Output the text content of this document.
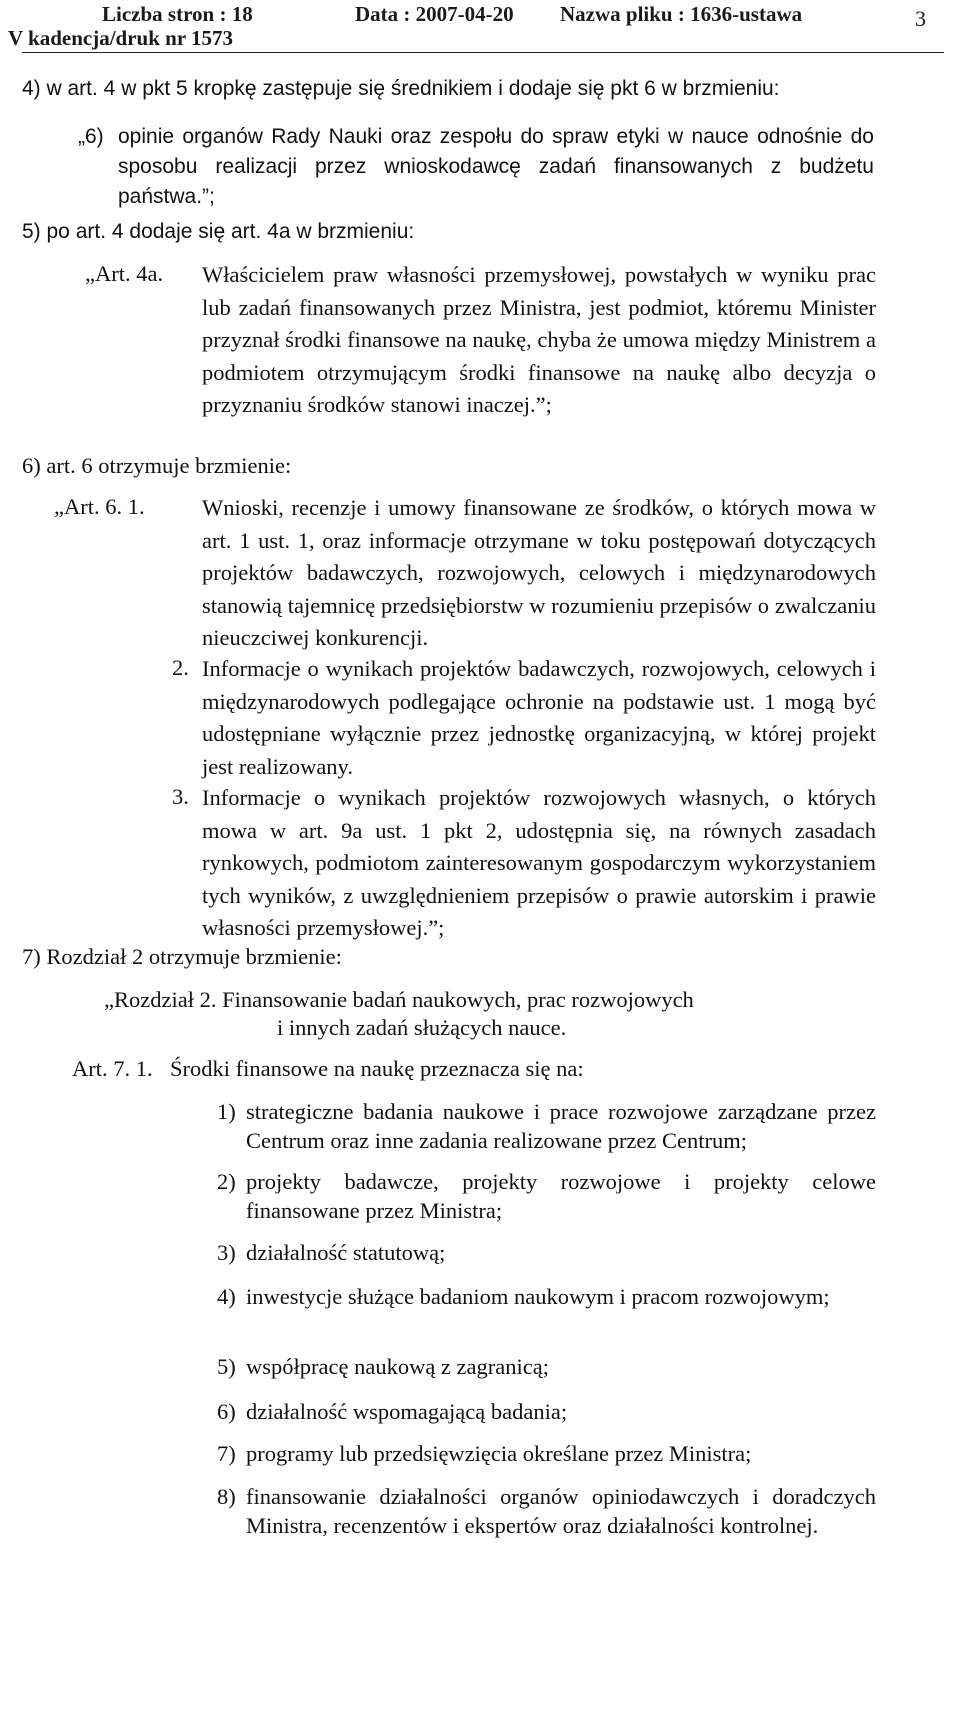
Liczba stron : 18	Data : 2007-04-20 Nazwa pliku : 1636-ustawa	3
V kadencja/druk nr 1573
4) w art. 4 w pkt 5 kropkę zastępuje się średnikiem i dodaje się pkt 6 w brzmieniu:
„6) opinie organów Rady Nauki oraz zespołu do spraw etyki w nauce odnośnie do sposobu realizacji przez wnioskodawcę zadań finansowanych z budżetu państwa.”;
5) po art. 4 dodaje się art. 4a w brzmieniu:
„Art. 4a. Właścicielem praw własności przemysłowej, powstałych w wyniku prac lub zadań finansowanych przez Ministra, jest podmiot, któremu Minister przyznał środki finansowe na naukę, chyba że umowa między Ministrem a podmiotem otrzymującym środki finansowe na naukę albo decyzja o przyznaniu środków stanowi inaczej.”;
6) art. 6 otrzymuje brzmienie:
„Art. 6. 1.	Wnioski, recenzje i umowy finansowane ze środków, o których mowa w art. 1 ust. 1, oraz informacje otrzymane w toku postępowań dotyczących projektów badawczych, rozwojowych, celowych i międzynarodowych stanowią tajemnicę przedsiębiorstw w rozumieniu przepisów o zwalczaniu nieuczciwej konkurencji.
2. Informacje o wynikach projektów badawczych, rozwojowych, celowych i międzynarodowych podlegające ochronie na podstawie ust. 1 mogą być udostępniane wyłącznie przez jednostkę organizacyjną, w której projekt jest realizowany.
3. Informacje o wynikach projektów rozwojowych własnych, o których mowa w art. 9a ust. 1 pkt 2, udostępnia się, na równych zasadach rynkowych, podmiotom zainteresowanym gospodarczym wykorzystaniem tych wyników, z uwzględnieniem przepisów o prawie autorskim i prawie własności przemysłowej.”;
7) Rozdział 2 otrzymuje brzmienie:
„Rozdział 2. Finansowanie badań naukowych, prac rozwojowych
i innych zadań służących nauce.
Art. 7. 1. Środki finansowe na naukę przeznacza się na:
1) strategiczne badania naukowe i prace rozwojowe zarządzane przez Centrum oraz inne zadania realizowane przez Centrum;
2) projekty badawcze, projekty rozwojowe i projekty celowe finansowane przez Ministra;
3) działalność statutową;
4) inwestycje służące badaniom naukowym i pracom rozwojowym;
5) współpracę naukową z zagranicą;
6) działalność wspomagającą badania;
7) programy lub przedsięwzięcia określane przez Ministra;
8) finansowanie działalności organów opiniodawczych i doradczych Ministra, recenzentów i ekspertów oraz działalności kontrolnej.
